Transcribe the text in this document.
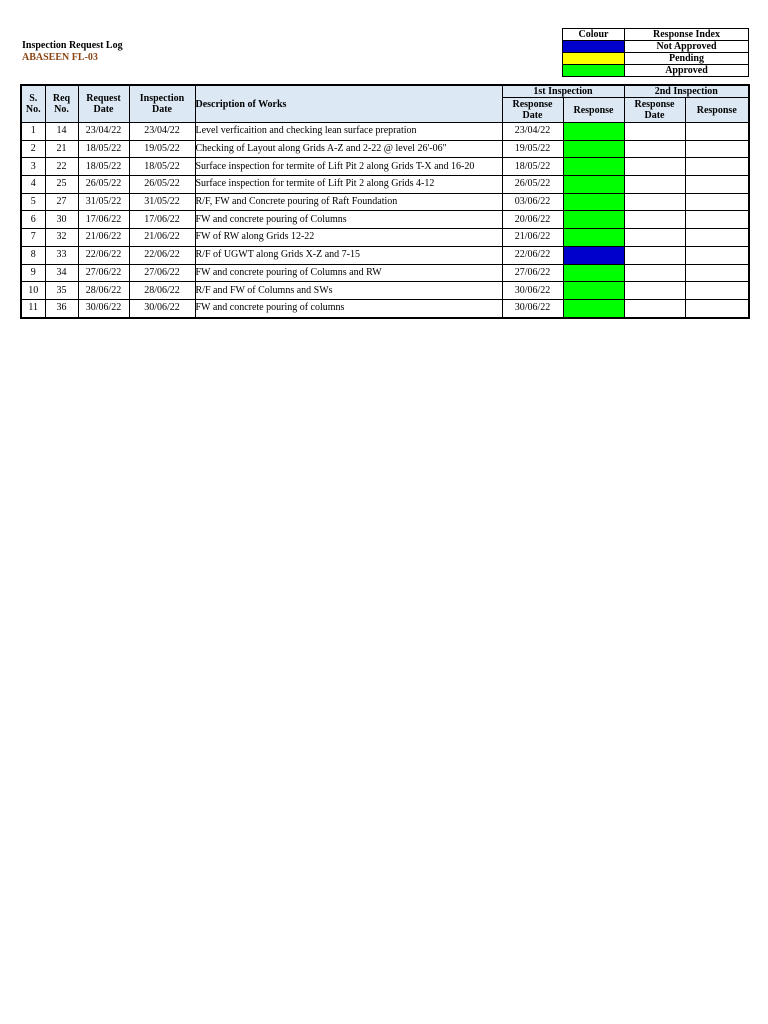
Inspection Request Log
ABASEEN FL-03
Colour	Response Index
	Not Approved
	Pending
	Approved
S. No.	Req No.	Request Date	Inspection Date	Description of Works	1st Inspection		2nd Inspection	
					Response Date	Response	Response Date	Response
1	14	23/04/22	23/04/22	Level verficaition and checking lean surface prepration	23/04/22			
2	21	18/05/22	19/05/22	Checking of Layout along Grids A-Z and 2-22 @ level 26'-06"	19/05/22			
3	22	18/05/22	18/05/22	Surface inspection for termite of Lift Pit 2 along Grids T-X and 16-20	18/05/22			
4	25	26/05/22	26/05/22	Surface inspection for termite of Lift Pit 2 along Grids 4-12	26/05/22			
5	27	31/05/22	31/05/22	R/F, FW and Concrete pouring of Raft Foundation	03/06/22			
6	30	17/06/22	17/06/22	FW and concrete pouring of Columns	20/06/22			
7	32	21/06/22	21/06/22	FW of RW along Grids 12-22	21/06/22			
8	33	22/06/22	22/06/22	R/F of UGWT along Grids X-Z and 7-15	22/06/22			
9	34	27/06/22	27/06/22	FW and concrete pouring of Columns and RW	27/06/22			
10	35	28/06/22	28/06/22	R/F and FW of Columns and SWs	30/06/22			
11	36	30/06/22	30/06/22	FW and concrete pouring of columns	30/06/22			
